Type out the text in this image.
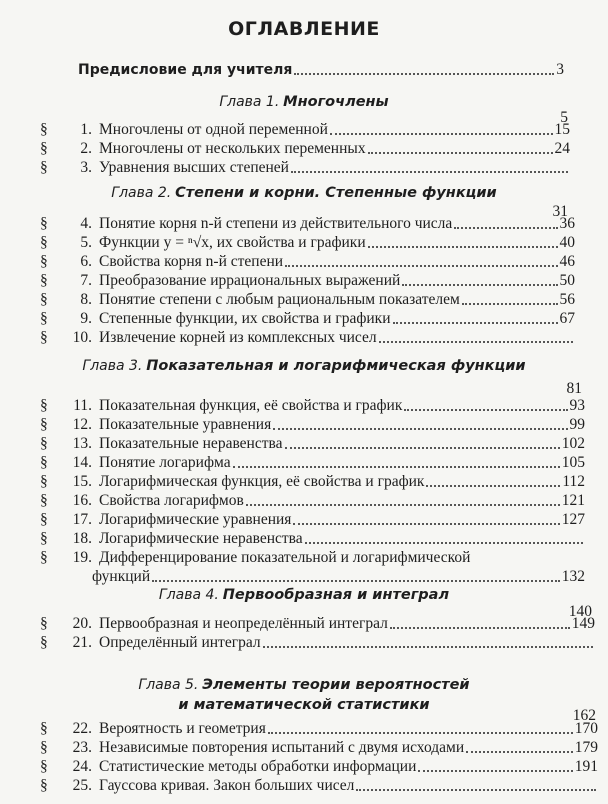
ОГЛАВЛЕНИЕ
Предисловие для учителя	3
Глава 1. Многочлены
5
§	1. Многочлены от одной переменной	15
§	2. Многочлены от нескольких переменных	24
§	3. Уравнения высших степеней
Глава 2. Степени и корни. Степенные функции
31
§	4. Понятие корня n-й степени из действительного числа	36
§	5. Функции y = ⁿ√x, их свойства и графики	40
§	6. Свойства корня n-й степени	46
§	7. Преобразование иррациональных выражений	50
§	8. Понятие степени с любым рациональным показателем	56
§	9. Степенные функции, их свойства и графики	67
§	10. Извлечение корней из комплексных чисел
Глава 3. Показательная и логарифмическая функции
81
§	11. Показательная функция, её свойства и график	93
§	12. Показательные уравнения	99
§	13. Показательные неравенства	102
§	14. Понятие логарифма	105
§	15. Логарифмическая функция, её свойства и график	112
§	16. Свойства логарифмов	121
§	17. Логарифмические уравнения	127
§	18. Логарифмические неравенства
§	19. Дифференцирование показательной и логарифмической
функций	132
Глава 4. Первообразная и интеграл
140
§	20. Первообразная и неопределённый интеграл	149
§	21. Определённый интеграл
Глава 5. Элементы теории вероятностей
и математической статистики
162
§	22. Вероятность и геометрия	170
§	23. Независимые повторения испытаний с двумя исходами	179
§	24. Статистические методы обработки информации	191
§	25. Гауссова кривая. Закон больших чисел
